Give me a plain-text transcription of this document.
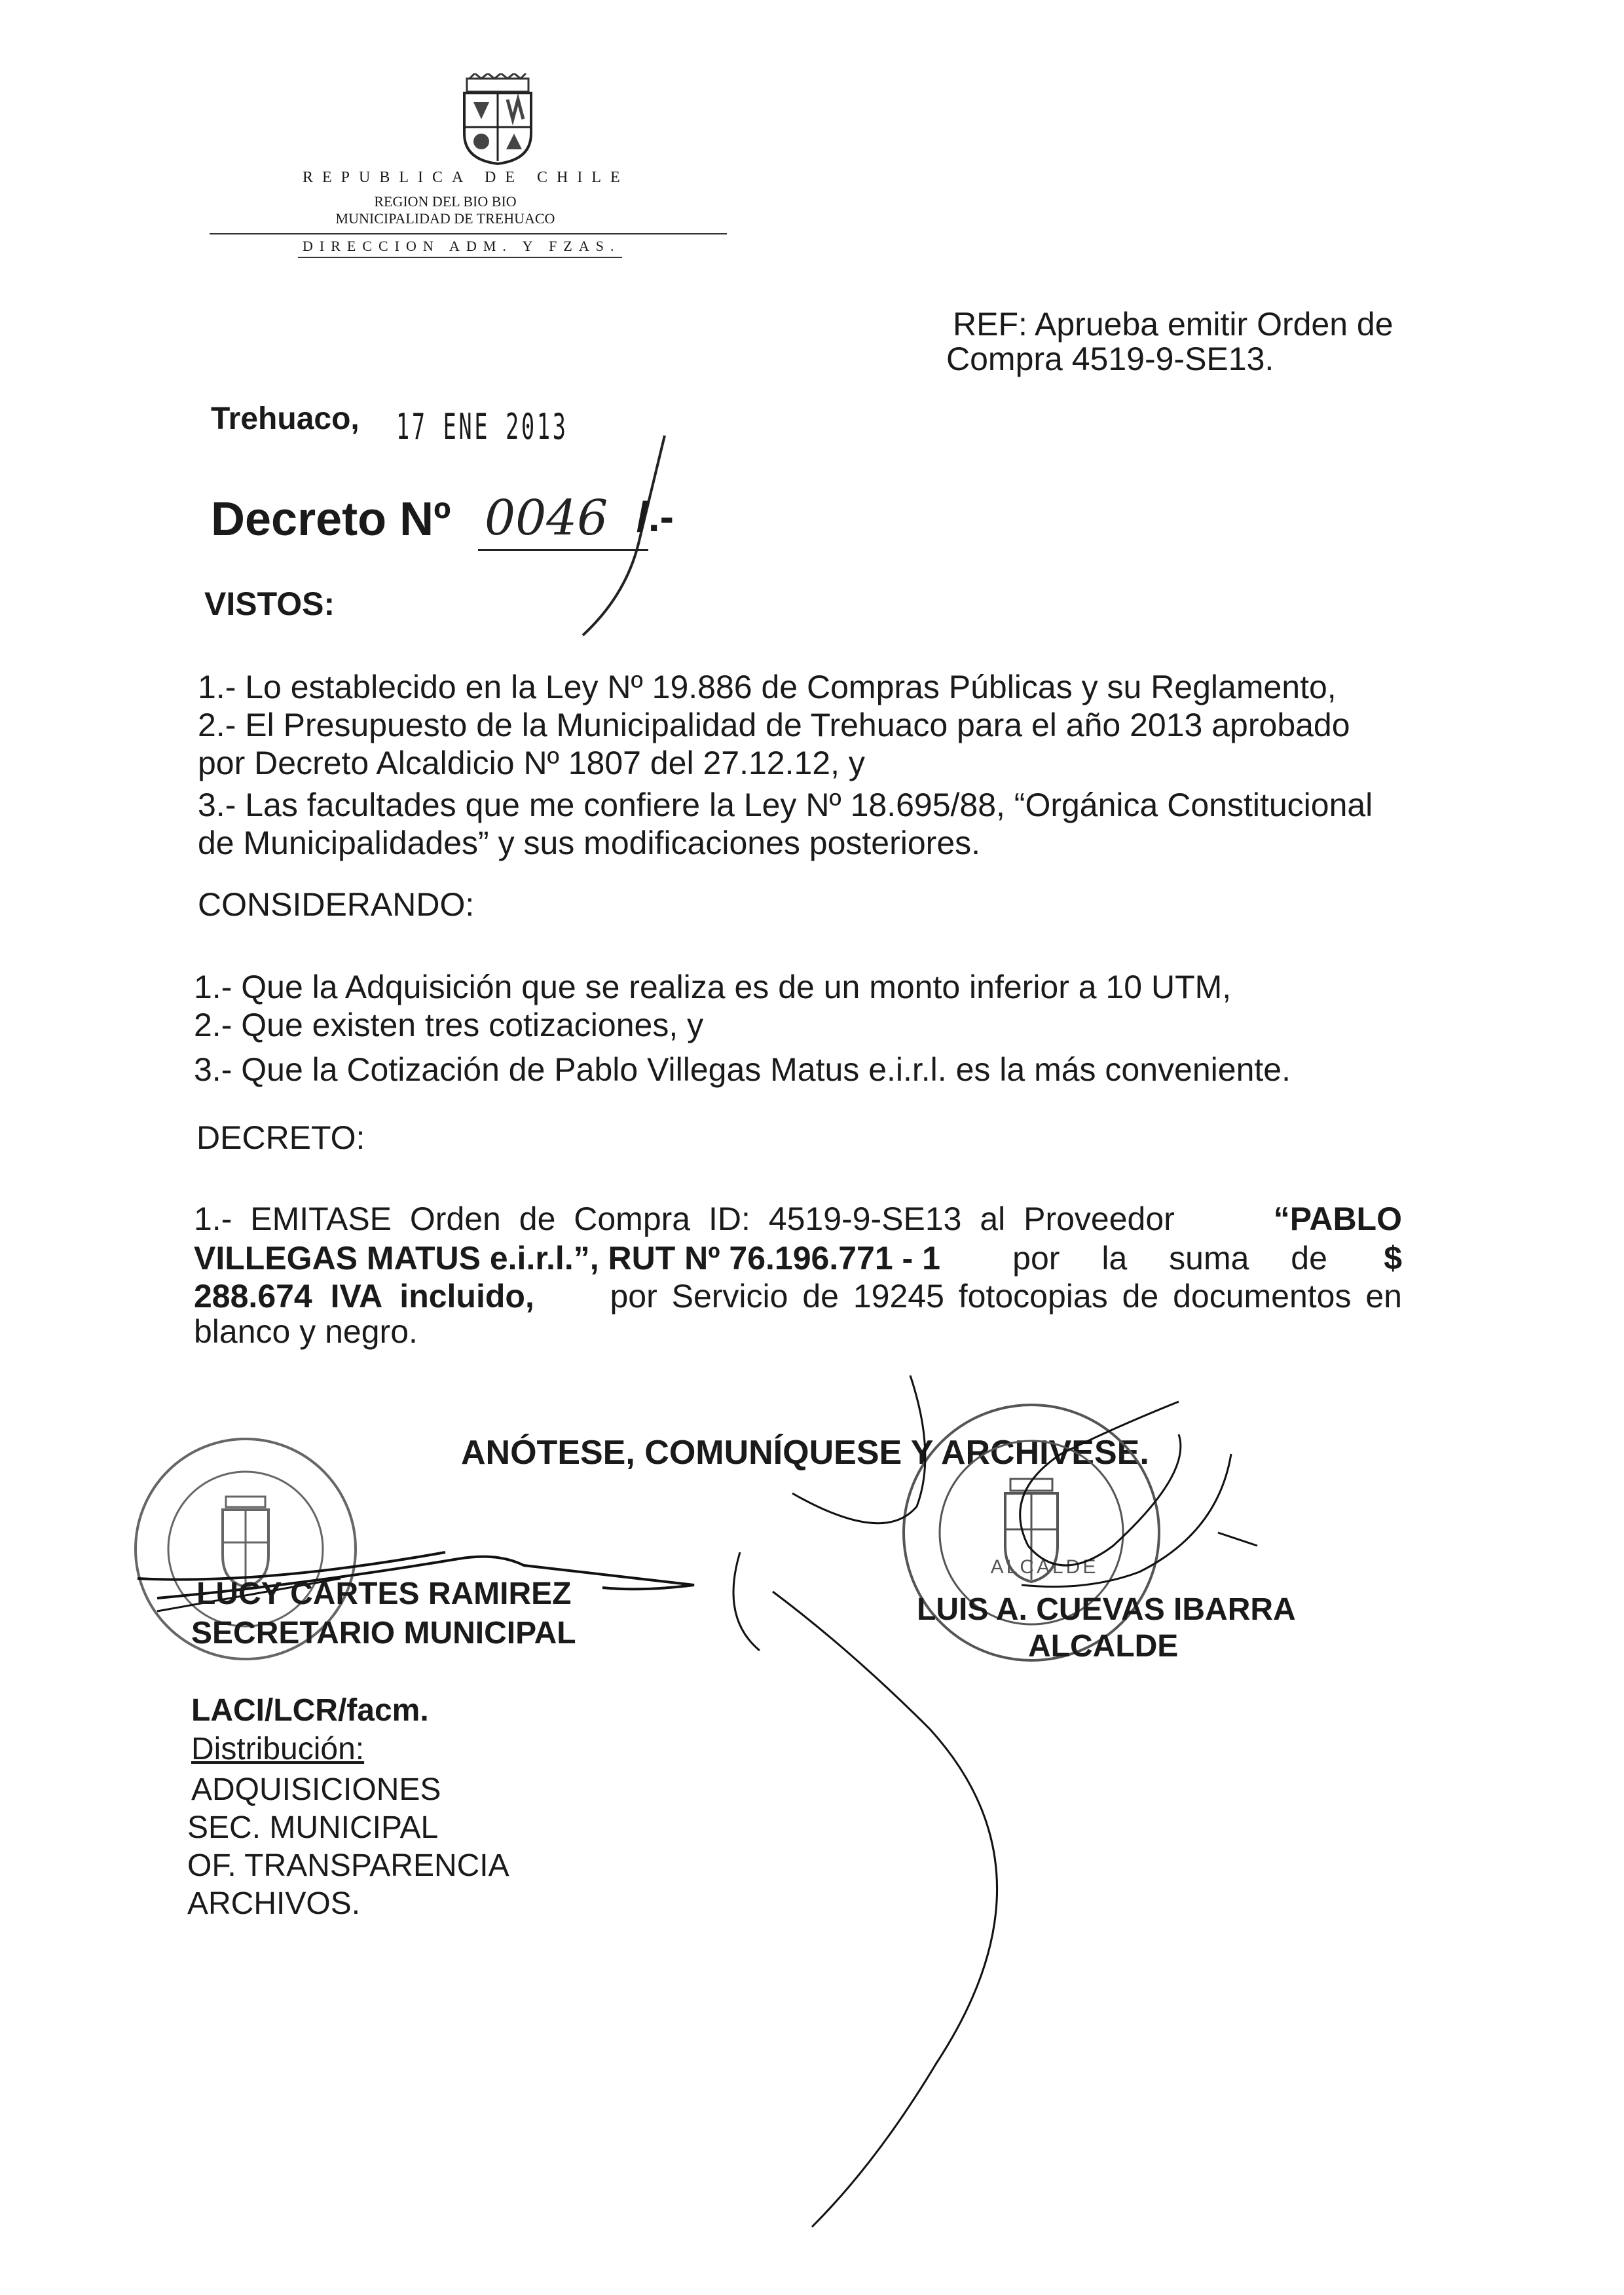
REPUBLICA DE CHILE
REGION DEL BIO BIO
MUNICIPALIDAD DE TREHUACO
DIRECCION ADM. Y FZAS.
REF: Aprueba emitir Orden de
Compra 4519-9-SE13.
Trehuaco, 17 ENE 2013
Decreto Nº 0046 /.-
VISTOS:
1.- Lo establecido en la Ley Nº 19.886 de Compras Públicas y su Reglamento,
2.- El Presupuesto de la Municipalidad de Trehuaco para el año 2013 aprobado
por Decreto Alcaldicio Nº 1807 del 27.12.12, y
3.- Las facultades que me confiere la Ley Nº 18.695/88, “Orgánica Constitucional
de Municipalidades” y sus modificaciones posteriores.
CONSIDERANDO:
1.- Que la Adquisición que se realiza es de un monto inferior a 10 UTM,
2.- Que existen tres cotizaciones, y
3.- Que la Cotización de Pablo Villegas Matus e.i.r.l. es la más conveniente.
DECRETO:
1.- EMITASE Orden de Compra ID: 4519-9-SE13 al Proveedor	“PABLO
VILLEGAS MATUS e.i.r.l.”, RUT Nº 76.196.771 - 1 por la suma de $
288.674 IVA incluido, por Servicio de 19245 fotocopias de documentos en
blanco y negro.
ANÓTESE, COMUNÍQUESE Y ARCHIVESE.
ALCALDE
LUCY CARTES RAMIREZ
SECRETARIO MUNICIPAL
LUIS A. CUEVAS IBARRA
ALCALDE
LACI/LCR/facm.
Distribución:
ADQUISICIONES
SEC. MUNICIPAL
OF. TRANSPARENCIA
ARCHIVOS.
